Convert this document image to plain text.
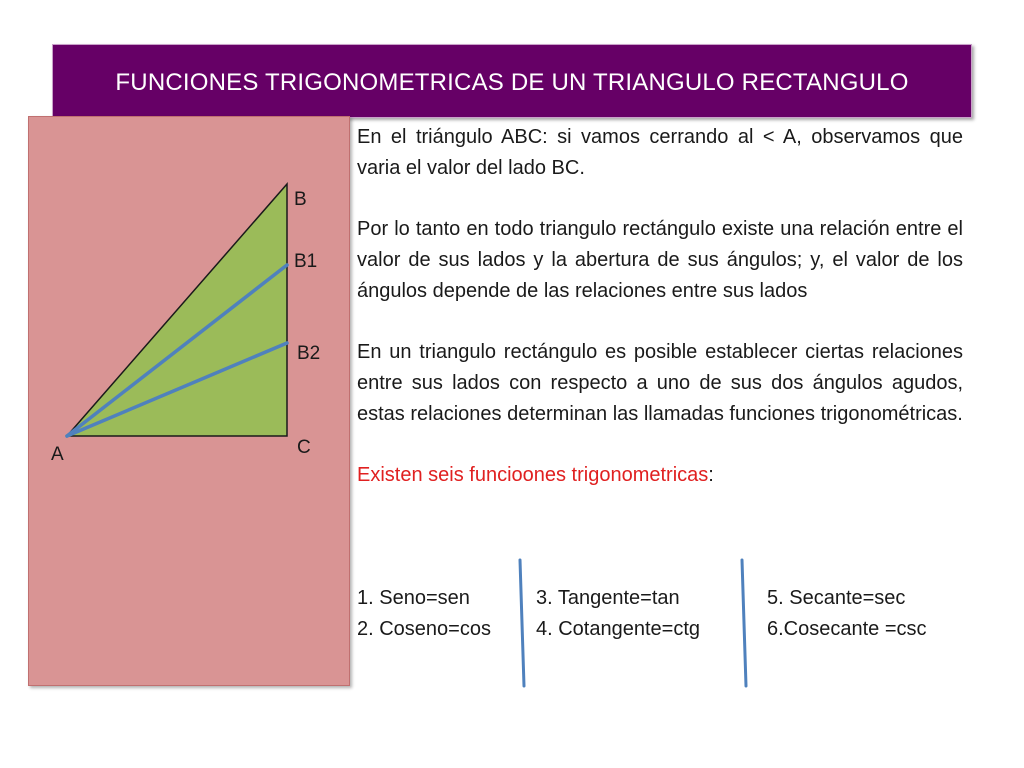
FUNCIONES TRIGONOMETRICAS DE UN TRIANGULO RECTANGULO
B
B1
B2
C
A

En el triángulo ABC: si vamos cerrando al < A, observamos que varia el valor del lado BC.

Por lo tanto en todo triangulo rectángulo existe una relación entre el valor de sus lados y la abertura de sus ángulos; y, el valor de los ángulos depende de las relaciones entre sus lados

En un triangulo rectángulo es posible establecer ciertas relaciones entre sus lados con respecto a uno de sus dos ángulos agudos, estas relaciones determinan las llamadas funciones trigonométricas.

Existen seis funcioones trigonometricas:

1. Seno=sen
2. Coseno=cos
3. Tangente=tan
4. Cotangente=ctg
5. Secante=sec
6.Cosecante =csc
